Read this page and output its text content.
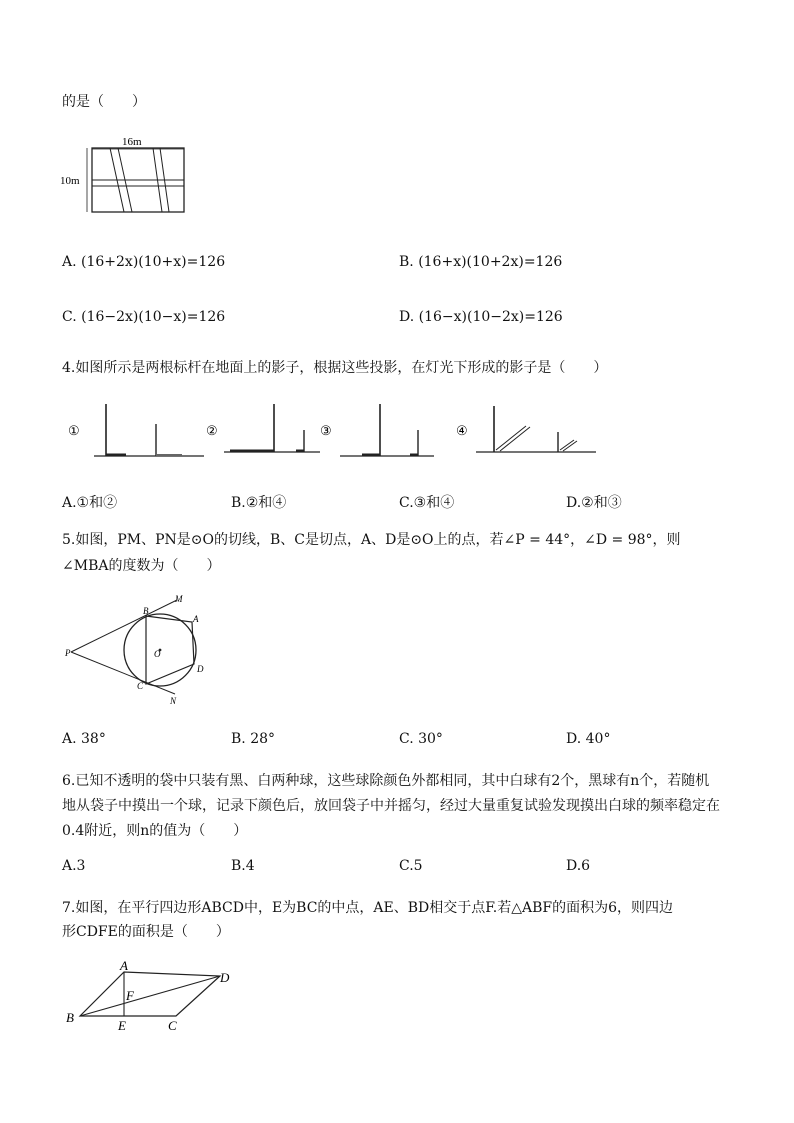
的是（　　）
16m
10m
A. (16+2x)(10+x)=126	B. (16+x)(10+2x)=126
C. (16−2x)(10−x)=126	D. (16−x)(10−2x)=126
4.如图所示是两根标杆在地面上的影子，根据这些投影，在灯光下形成的影子是（　　）
①	②	③	④
A.①和②	B.②和④	C.③和④	D.②和③
5.如图，PM、PN是⊙O的切线，B、C是切点，A、D是⊙O上的点，若∠P = 44°，∠D = 98°，则
∠MBA的度数为（　　）
B
M
A
P	O
D
C
N
A. 38°	B. 28°	C. 30°	D. 40°
6.已知不透明的袋中只装有黑、白两种球，这些球除颜色外都相同，其中白球有2个，黑球有n个，若随机
地从袋子中摸出一个球，记录下颜色后，放回袋子中并摇匀，经过大量重复试验发现摸出白球的频率稳定在
0.4附近，则n的值为（　　）
A.3	B.4	C.5	D.6
7.如图，在平行四边形ABCD中，E为BC的中点，AE、BD相交于点F.若△ABF的面积为6，则四边
形CDFE的面积是（　　）
A
D
F
B
E	C
